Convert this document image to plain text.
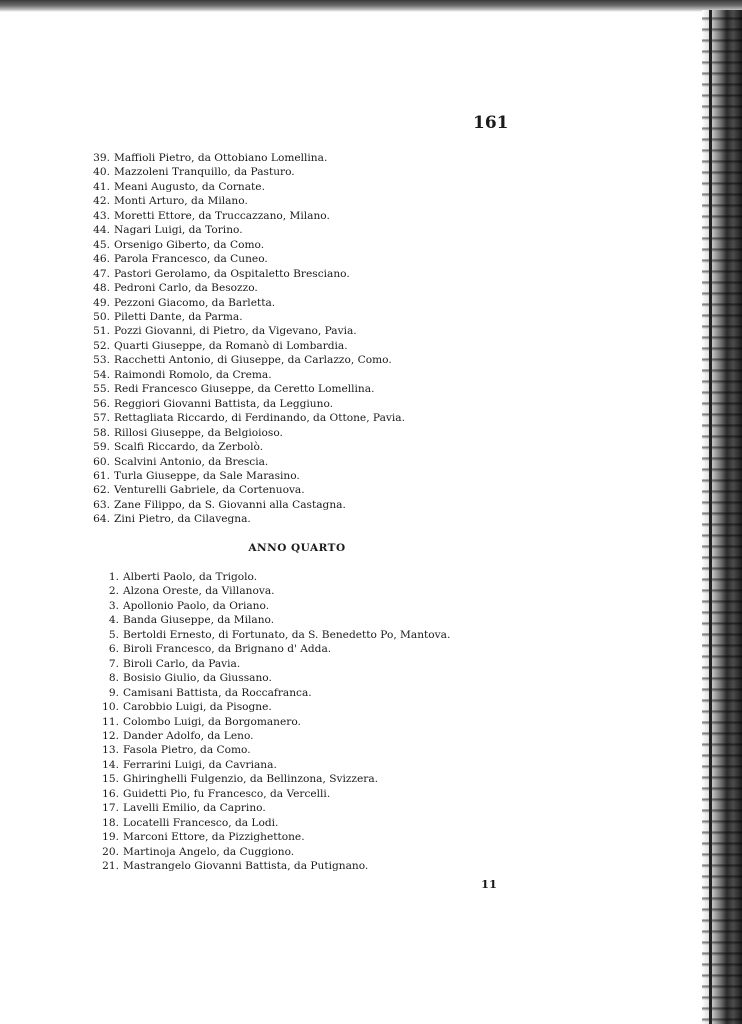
161
39. Maffioli Pietro, da Ottobiano Lomellina.
40. Mazzoleni Tranquillo, da Pasturo.
41. Meani Augusto, da Cornate.
42. Monti Arturo, da Milano.
43. Moretti Ettore, da Truccazzano, Milano.
44. Nagari Luigi, da Torino.
45. Orsenigo Giberto, da Como.
46. Parola Francesco, da Cuneo.
47. Pastori Gerolamo, da Ospitaletto Bresciano.
48. Pedroni Carlo, da Besozzo.
49. Pezzoni Giacomo, da Barletta.
50. Piletti Dante, da Parma.
51. Pozzi Giovanni, di Pietro, da Vigevano, Pavia.
52. Quarti Giuseppe, da Romanò di Lombardia.
53. Racchetti Antonio, di Giuseppe, da Carlazzo, Como.
54. Raimondi Romolo, da Crema.
55. Redi Francesco Giuseppe, da Ceretto Lomellina.
56. Reggiori Giovanni Battista, da Leggiuno.
57. Rettagliata Riccardo, di Ferdinando, da Ottone, Pavia.
58. Rillosi Giuseppe, da Belgioioso.
59. Scalfi Riccardo, da Zerbolò.
60. Scalvini Antonio, da Brescia.
61. Turla Giuseppe, da Sale Marasino.
62. Venturelli Gabriele, da Cortenuova.
63. Zane Filippo, da S. Giovanni alla Castagna.
64. Zini Pietro, da Cilavegna.
ANNO QUARTO
1. Alberti Paolo, da Trigolo.
2. Alzona Oreste, da Villanova.
3. Apollonio Paolo, da Oriano.
4. Banda Giuseppe, da Milano.
5. Bertoldi Ernesto, di Fortunato, da S. Benedetto Po, Mantova.
6. Biroli Francesco, da Brignano d' Adda.
7. Biroli Carlo, da Pavia.
8. Bosisio Giulio, da Giussano.
9. Camisani Battista, da Roccafranca.
10. Carobbio Luigi, da Pisogne.
11. Colombo Luigi, da Borgomanero.
12. Dander Adolfo, da Leno.
13. Fasola Pietro, da Como.
14. Ferrarini Luigi, da Cavriana.
15. Ghiringhelli Fulgenzio, da Bellinzona, Svizzera.
16. Guidetti Pio, fu Francesco, da Vercelli.
17. Lavelli Emilio, da Caprino.
18. Locatelli Francesco, da Lodi.
19. Marconi Ettore, da Pizzighettone.
20. Martinoja Angelo, da Cuggiono.
21. Mastrangelo Giovanni Battista, da Putignano.
11
